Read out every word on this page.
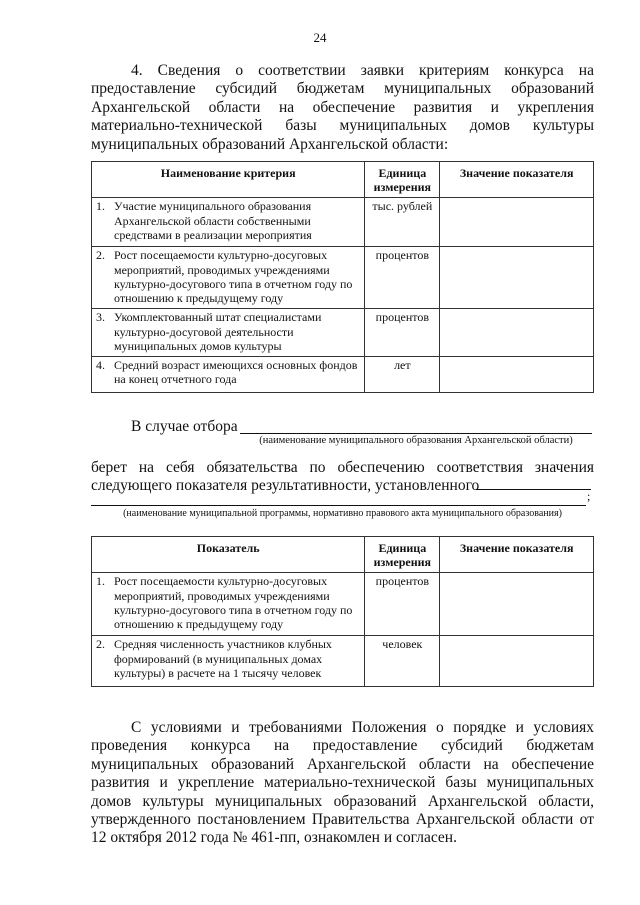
24

4. Сведения о соответствии заявки критериям конкурса на предоставление субсидий бюджетам муниципальных образований Архангельской области на обеспечение развития и укрепления материально-технической базы муниципальных домов культуры муниципальных образований Архангельской области:

Наименование критерия	Единица измерения	Значение показателя

1. Участие муниципального образования Архангельской области собственными средствами в реализации мероприятия	тыс. рублей	

2. Рост посещаемости культурно-досуговых мероприятий, проводимых учреждениями культурно-досугового типа в отчетном году по отношению к предыдущему году	процентов	

3. Укомплектованный штат специалистами культурно-досуговой деятельности муниципальных домов культуры	процентов	

4. Средний возраст имеющихся основных фондов на конец отчетного года	лет	
В случае отбора
(наименование муниципального образования Архангельской области)

берет на себя обязательства по обеспечению соответствия значения следующего показателя результативности, установленного

;
(наименование муниципальной программы, нормативно правового акта муниципального образования)
Показатель	Единица измерения	Значение показателя

1. Рост посещаемости культурно-досуговых мероприятий, проводимых учреждениями культурно-досугового типа в отчетном году по отношению к предыдущему году	процентов	

2. Средняя численность участников клубных формирований (в муниципальных домах культуры) в расчете на 1 тысячу человек	человек	

С условиями и требованиями Положения о порядке и условиях проведения конкурса на предоставление субсидий бюджетам муниципальных образований Архангельской области на обеспечение развития и укрепление материально-технической базы муниципальных домов культуры муниципальных образований Архангельской области, утвержденного постановлением Правительства Архангельской области от 12 октября 2012 года № 461-пп, ознакомлен и согласен.
